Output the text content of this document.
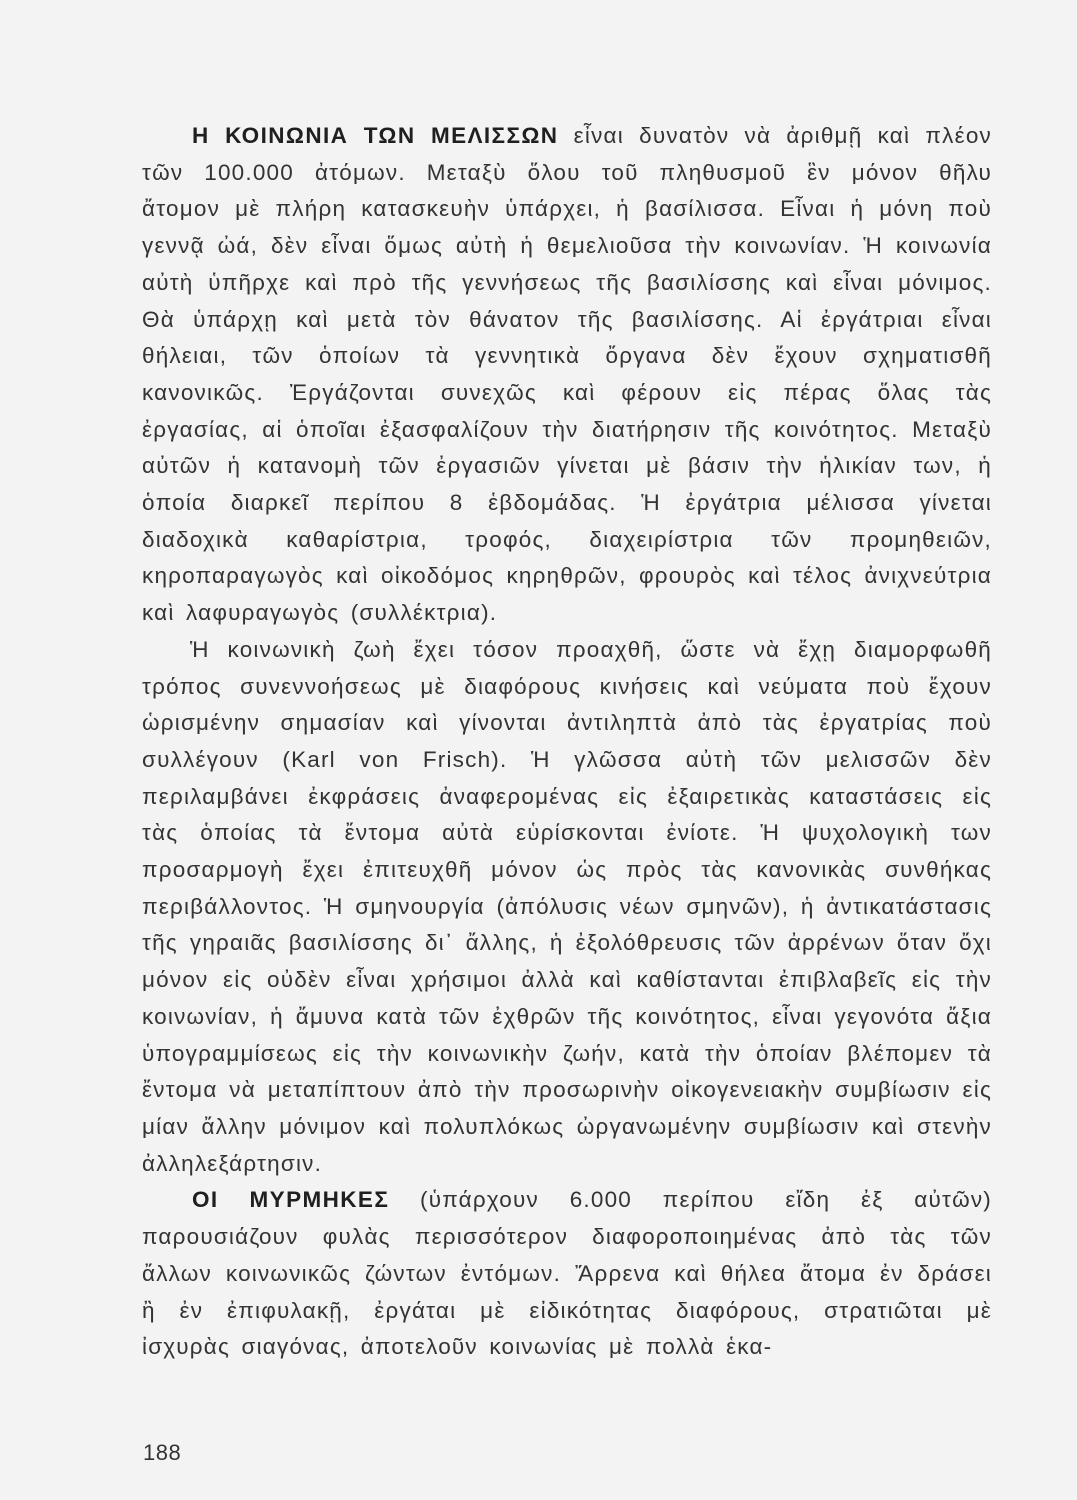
Η ΚΟΙΝΩΝΙΑ ΤΩΝ ΜΕΛΙΣΣΩΝ εἶναι δυνατὸν νὰ ἀριθμῇ καὶ πλέον τῶν 100.000 ἀτόμων. Μεταξὺ ὅλου τοῦ πληθυσμοῦ ἓν μόνον θῆλυ ἄτομον μὲ πλήρη κατασκευὴν ὑπάρχει, ἡ βασίλισσα. Εἶναι ἡ μόνη ποὺ γεννᾷ ὠά, δὲν εἶναι ὅμως αὐτὴ ἡ θεμελιοῦσα τὴν κοινωνίαν. Ἡ κοινωνία αὐτὴ ὑπῆρχε καὶ πρὸ τῆς γεννήσεως τῆς βασιλίσσης καὶ εἶναι μόνιμος. Θὰ ὑπάρχῃ καὶ μετὰ τὸν θάνατον τῆς βασιλίσσης. Αἱ ἐργάτριαι εἶναι θήλειαι, τῶν ὁποίων τὰ γεννητικὰ ὄργανα δὲν ἔχουν σχηματισθῆ κανονικῶς. Ἐργάζονται συνεχῶς καὶ φέρουν εἰς πέρας ὅλας τὰς ἐργασίας, αἱ ὁποῖαι ἐξασφαλίζουν τὴν διατήρησιν τῆς κοινότητος. Μεταξὺ αὐτῶν ἡ κατανομὴ τῶν ἐργασιῶν γίνεται μὲ βάσιν τὴν ἡλικίαν των, ἡ ὁποία διαρκεῖ περίπου 8 ἑβδομάδας. Ἡ ἐργάτρια μέλισσα γίνεται διαδοχικὰ καθαρίστρια, τροφός, διαχειρίστρια τῶν προμηθειῶν, κηροπαραγωγὸς καὶ οἰκοδόμος κηρηθρῶν, φρουρὸς καὶ τέλος ἀνιχνεύτρια καὶ λαφυραγωγὸς (συλλέκτρια).

Ἡ κοινωνικὴ ζωὴ ἔχει τόσον προαχθῆ, ὥστε νὰ ἔχῃ διαμορφωθῆ τρόπος συνεννοήσεως μὲ διαφόρους κινήσεις καὶ νεύματα ποὺ ἔχουν ὡρισμένην σημασίαν καὶ γίνονται ἀντιληπτὰ ἀπὸ τὰς ἐργατρίας ποὺ συλλέγουν (Karl von Frisch). Ἡ γλῶσσα αὐτὴ τῶν μελισσῶν δὲν περιλαμβάνει ἐκφράσεις ἀναφερομένας εἰς ἐξαιρετικὰς καταστάσεις εἰς τὰς ὁποίας τὰ ἔντομα αὐτὰ εὑρίσκονται ἐνίοτε. Ἡ ψυχολογικὴ των προσαρμογὴ ἔχει ἐπιτευχθῆ μόνον ὡς πρὸς τὰς κανονικὰς συνθήκας περιβάλλοντος. Ἡ σμηνουργία (ἀπόλυσις νέων σμηνῶν), ἡ ἀντικατάστασις τῆς γηραιᾶς βασιλίσσης δι᾽ ἄλλης, ἡ ἐξολόθρευσις τῶν ἀρρένων ὅταν ὄχι μόνον εἰς οὐδὲν εἶναι χρήσιμοι ἀλλὰ καὶ καθίστανται ἐπιβλαβεῖς εἰς τὴν κοινωνίαν, ἡ ἄμυνα κατὰ τῶν ἐχθρῶν τῆς κοινότητος, εἶναι γεγονότα ἄξια ὑπογραμμίσεως εἰς τὴν κοινωνικὴν ζωήν, κατὰ τὴν ὁποίαν βλέπομεν τὰ ἔντομα νὰ μεταπίπτουν ἀπὸ τὴν προσωρινὴν οἰκογενειακὴν συμβίωσιν εἰς μίαν ἄλλην μόνιμον καὶ πολυπλόκως ὠργανωμένην συμβίωσιν καὶ στενὴν ἀλληλεξάρτησιν.

ΟΙ ΜΥΡΜΗΚΕΣ (ὑπάρχουν 6.000 περίπου εἴδη ἐξ αὐτῶν) παρουσιάζουν φυλὰς περισσότερον διαφοροποιημένας ἀπὸ τὰς τῶν ἄλλων κοινωνικῶς ζώντων ἐντόμων. Ἄρρενα καὶ θήλεα ἄτομα ἐν δράσει ἢ ἐν ἐπιφυλακῇ, ἐργάται μὲ εἰδικότητας διαφόρους, στρατιῶται μὲ ἰσχυρὰς σιαγόνας, ἀποτελοῦν κοινωνίας μὲ πολλὰ ἑκα-

188
